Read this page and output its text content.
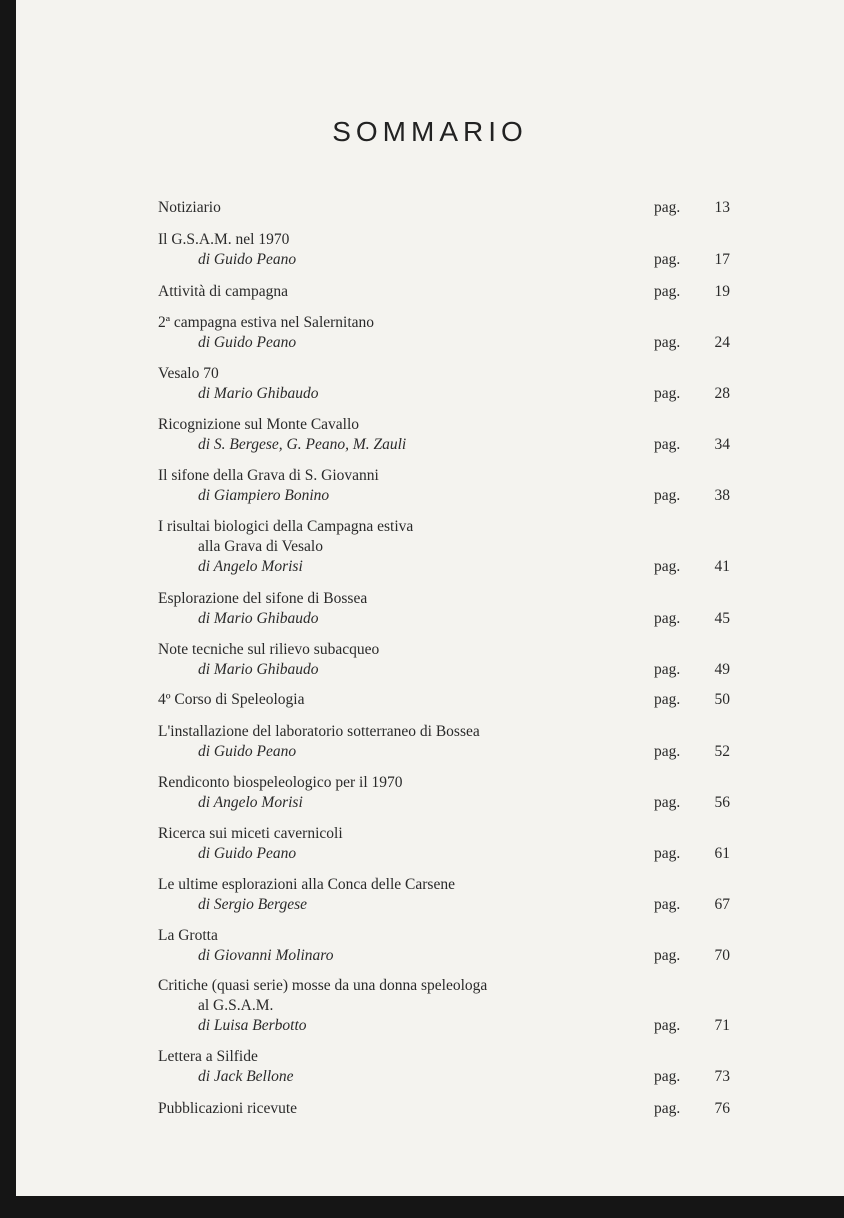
SOMMARIO
Notiziario	pag. 13
Il G.S.A.M. nel 1970
di Guido Peano	pag. 17
Attività di campagna	pag. 19
2ª campagna estiva nel Salernitano
di Guido Peano	pag. 24
Vesalo 70
di Mario Ghibaudo	pag. 28
Ricognizione sul Monte Cavallo
di S. Bergese, G. Peano, M. Zauli	pag. 34
Il sifone della Grava di S. Giovanni
di Giampiero Bonino	pag. 38
I risultai biologici della Campagna estiva
alla Grava di Vesalo
di Angelo Morisi	pag. 41
Esplorazione del sifone di Bossea
di Mario Ghibaudo	pag. 45
Note tecniche sul rilievo subacqueo
di Mario Ghibaudo	pag. 49
4º Corso di Speleologia	pag. 50
L'installazione del laboratorio sotterraneo di Bossea
di Guido Peano	pag. 52
Rendiconto biospeleologico per il 1970
di Angelo Morisi	pag. 56
Ricerca sui miceti cavernicoli
di Guido Peano	pag. 61
Le ultime esplorazioni alla Conca delle Carsene
di Sergio Bergese	pag. 67
La Grotta
di Giovanni Molinaro	pag. 70
Critiche (quasi serie) mosse da una donna speleologa
al G.S.A.M.
di Luisa Berbotto	pag. 71
Lettera a Silfide
di Jack Bellone	pag. 73
Pubblicazioni ricevute	pag. 76
